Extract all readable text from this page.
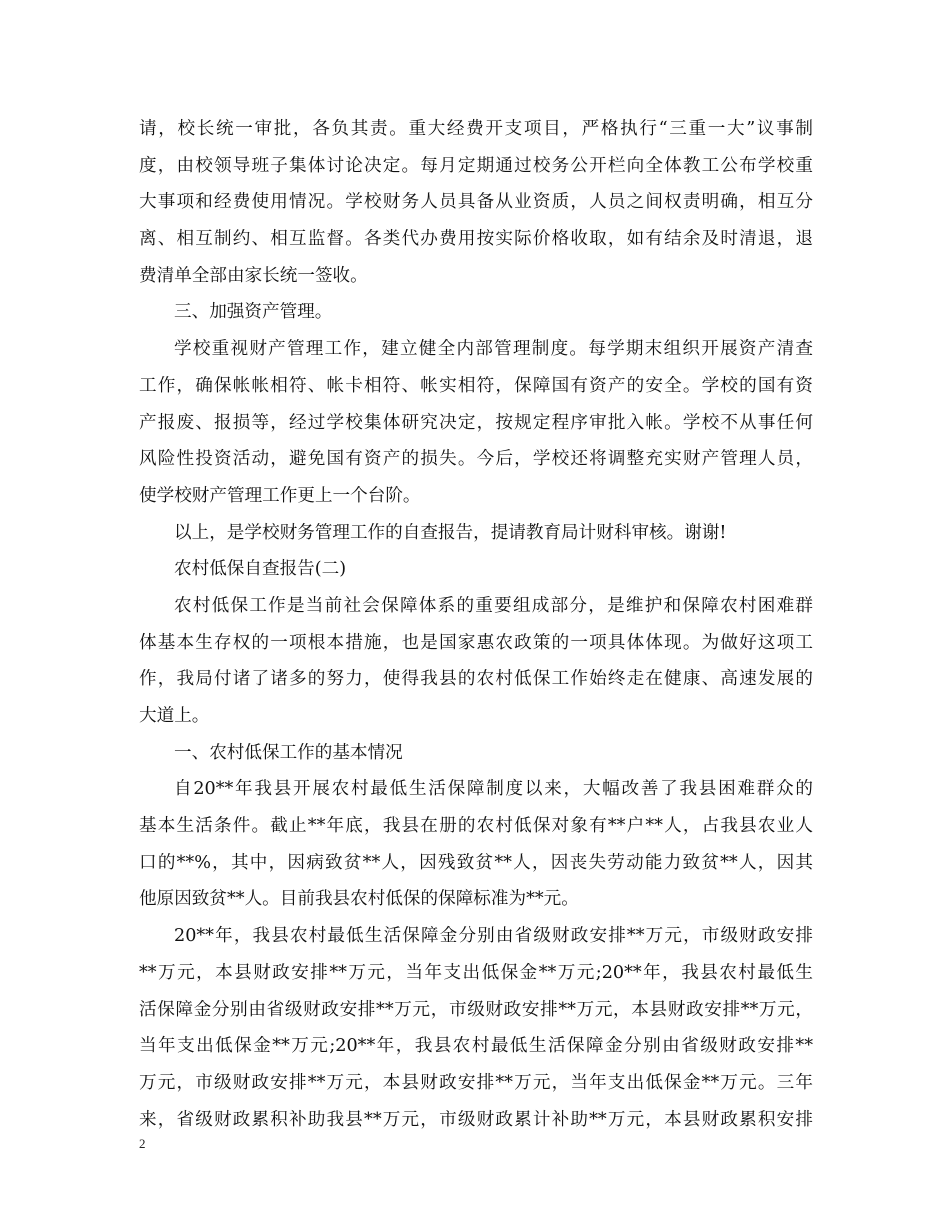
请，校长统一审批，各负其责。重大经费开支项目，严格执行“三重一大”议事制
度，由校领导班子集体讨论决定。每月定期通过校务公开栏向全体教工公布学校重
大事项和经费使用情况。学校财务人员具备从业资质，人员之间权责明确，相互分
离、相互制约、相互监督。各类代办费用按实际价格收取，如有结余及时清退，退
费清单全部由家长统一签收。
三、加强资产管理。
学校重视财产管理工作，建立健全内部管理制度。每学期末组织开展资产清查
工作，确保帐帐相符、帐卡相符、帐实相符，保障国有资产的安全。学校的国有资
产报废、报损等，经过学校集体研究决定，按规定程序审批入帐。学校不从事任何
风险性投资活动，避免国有资产的损失。今后，学校还将调整充实财产管理人员，
使学校财产管理工作更上一个台阶。
以上，是学校财务管理工作的自查报告，提请教育局计财科审核。谢谢!
农村低保自查报告(二)
农村低保工作是当前社会保障体系的重要组成部分，是维护和保障农村困难群
体基本生存权的一项根本措施，也是国家惠农政策的一项具体体现。为做好这项工
作，我局付诸了诸多的努力，使得我县的农村低保工作始终走在健康、高速发展的
大道上。
一、农村低保工作的基本情况
自20**年我县开展农村最低生活保障制度以来，大幅改善了我县困难群众的
基本生活条件。截止**年底，我县在册的农村低保对象有**户**人，占我县农业人
口的**%，其中，因病致贫**人，因残致贫**人，因丧失劳动能力致贫**人，因其
他原因致贫**人。目前我县农村低保的保障标准为**元。
20**年，我县农村最低生活保障金分别由省级财政安排**万元，市级财政安排
**万元，本县财政安排**万元，当年支出低保金**万元;20**年，我县农村最低生
活保障金分别由省级财政安排**万元，市级财政安排**万元，本县财政安排**万元，
当年支出低保金**万元;20**年，我县农村最低生活保障金分别由省级财政安排**
万元，市级财政安排**万元，本县财政安排**万元，当年支出低保金**万元。三年
来，省级财政累积补助我县**万元，市级财政累计补助**万元，本县财政累积安排
2
